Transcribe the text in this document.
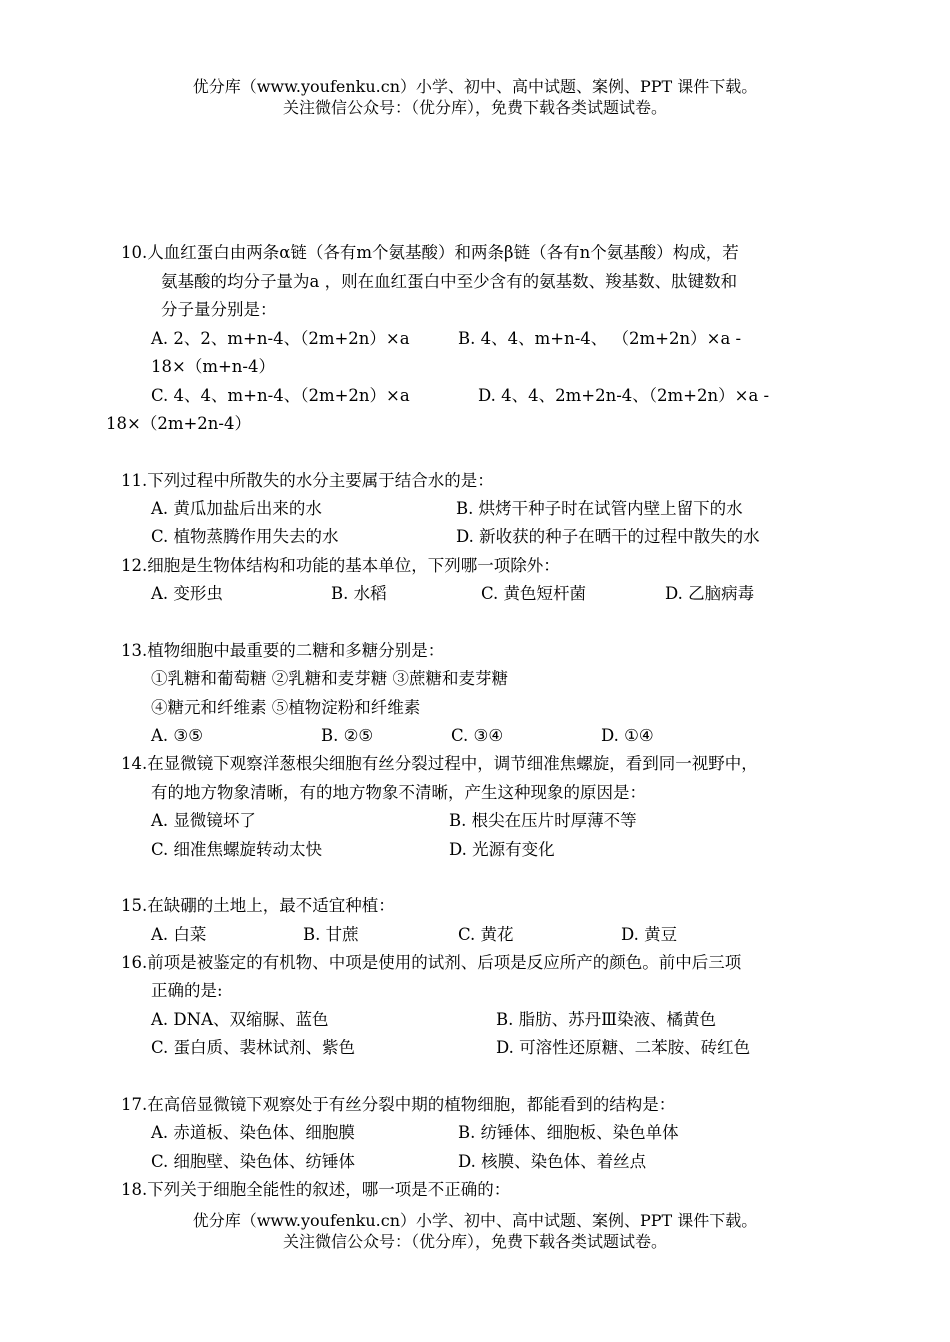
优分库（www.youfenku.cn）小学、初中、高中试题、案例、PPT 课件下载。
关注微信公众号：（优分库），免费下载各类试题试卷。
10.人血红蛋白由两条α链（各有m个氨基酸）和两条β链（各有n个氨基酸）构成，若
氨基酸的均分子量为a ，则在血红蛋白中至少含有的氨基数、羧基数、肽键数和
分子量分别是：
A. 2、2、m+n-4、（2m+2n）×a	B. 4、4、m+n-4、 （2m+2n）×a -
18×（m+n-4）
C. 4、4、m+n-4、（2m+2n）×a	D. 4、4、2m+2n-4、（2m+2n）×a -
18×（2m+2n-4）
11.下列过程中所散失的水分主要属于结合水的是：
A. 黄瓜加盐后出来的水	B. 烘烤干种子时在试管内壁上留下的水
C. 植物蒸腾作用失去的水	D. 新收获的种子在晒干的过程中散失的水
12.细胞是生物体结构和功能的基本单位，下列哪一项除外：
A. 变形虫	B. 水稻	C. 黄色短杆菌	D. 乙脑病毒
13.植物细胞中最重要的二糖和多糖分别是：
①乳糖和葡萄糖 ②乳糖和麦芽糖 ③蔗糖和麦芽糖
④糖元和纤维素 ⑤植物淀粉和纤维素
A. ③⑤	B. ②⑤	C. ③④	D. ①④
14.在显微镜下观察洋葱根尖细胞有丝分裂过程中，调节细准焦螺旋，看到同一视野中，
有的地方物象清晰，有的地方物象不清晰，产生这种现象的原因是：
A. 显微镜坏了	B. 根尖在压片时厚薄不等
C. 细准焦螺旋转动太快	D. 光源有变化
15.在缺硼的土地上，最不适宜种植：
A. 白菜	B. 甘蔗	C. 黄花	D. 黄豆
16.前项是被鉴定的有机物、中项是使用的试剂、后项是反应所产的颜色。前中后三项
正确的是:
A. DNA、双缩脲、蓝色	B. 脂肪、苏丹Ⅲ染液、橘黄色
C. 蛋白质、裴林试剂、紫色	D. 可溶性还原糖、二苯胺、砖红色
17.在高倍显微镜下观察处于有丝分裂中期的植物细胞，都能看到的结构是：
A. 赤道板、染色体、细胞膜	B. 纺锤体、细胞板、染色单体
C. 细胞壁、染色体、纺锤体	D. 核膜、染色体、着丝点
18.下列关于细胞全能性的叙述，哪一项是不正确的：
优分库（www.youfenku.cn）小学、初中、高中试题、案例、PPT 课件下载。
关注微信公众号：（优分库），免费下载各类试题试卷。
